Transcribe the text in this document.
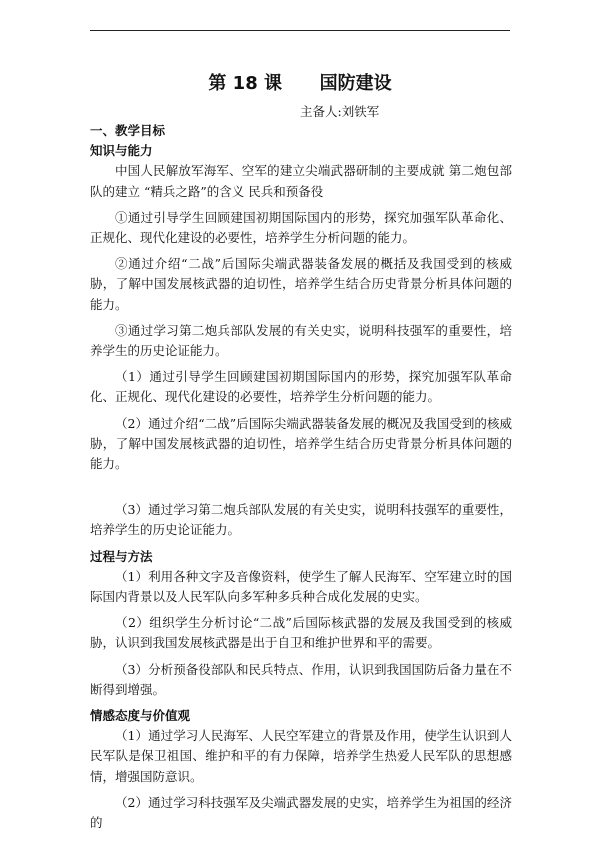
第 18 课      国防建设
主备人:刘铁军
一、教学目标
知识与能力

中国人民解放军海军、空军的建立尖端武器研制的主要成就 第二炮包部队的建立 “精兵之路”的含义 民兵和预备役

①通过引导学生回顾建国初期国际国内的形势，探究加强军队革命化、正规化、现代化建设的必要性，培养学生分析问题的能力。

②通过介绍“二战”后国际尖端武器装备发展的概括及我国受到的核威胁，了解中国发展核武器的迫切性，培养学生结合历史背景分析具体问题的能力。

③通过学习第二炮兵部队发展的有关史实，说明科技强军的重要性，培养学生的历史论证能力。

（1）通过引导学生回顾建国初期国际国内的形势，探究加强军队革命化、正规化、现代化建设的必要性，培养学生分析问题的能力。

（2）通过介绍“二战”后国际尖端武器装备发展的概况及我国受到的核威胁，了解中国发展核武器的迫切性，培养学生结合历史背景分析具体问题的能力。

（3）通过学习第二炮兵部队发展的有关史实，说明科技强军的重要性，培养学生的历史论证能力。

过程与方法

（1）利用各种文字及音像资料，使学生了解人民海军、空军建立时的国际国内背景以及人民军队向多军种多兵种合成化发展的史实。

（2）组织学生分析讨论“二战”后国际核武器的发展及我国受到的核威胁，认识到我国发展核武器是出于自卫和维护世界和平的需要。

（3）分析预备役部队和民兵特点、作用，认识到我国国防后备力量在不断得到增强。

情感态度与价值观

（1）通过学习人民海军、人民空军建立的背景及作用，使学生认识到人民军队是保卫祖国、维护和平的有力保障，培养学生热爱人民军队的思想感情，增强国防意识。

（2）通过学习科技强军及尖端武器发展的史实，培养学生为祖国的经济的
